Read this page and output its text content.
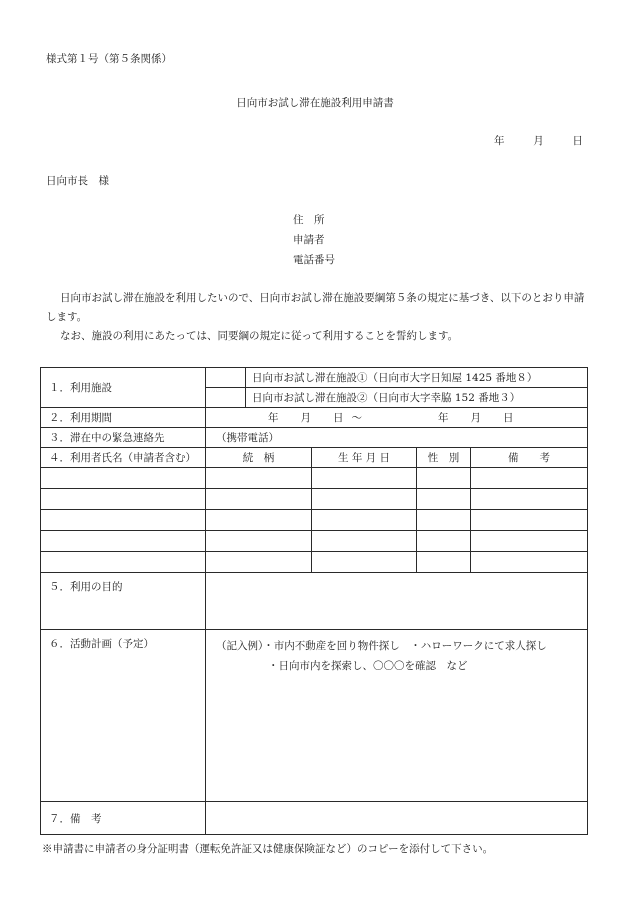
様式第１号（第５条関係）
日向市お試し滞在施設利用申請書
年	月	日
日向市長　様
住　所
申請者
電話番号

日向市お試し滞在施設を利用したいので、日向市お試し滞在施設要綱第５条の規定に基づき、以下のとおり申請します。

なお、施設の利用にあたっては、同要綱の規定に従って利用することを誓約します。

１．利用施設		日向市お試し滞在施設①（日向市大字日知屋 1425 番地８）			
		日向市お試し滞在施設②（日向市大字幸脇 152 番地３）			
２．利用期間	年 月 日 ～ 年 月 日				
３．滞在中の緊急連絡先	（携帯電話）				
４．利用者氏名（申請者含む）	続　柄		生 年 月 日	性　別	備　　考

５．利用の目的					
６．活動計画（予定）	（記入例）・市内不動産を回り物件探し　・ハローワークにて求人探し
・日向市内を探索し、〇〇〇を確認　など				

７．備　考					
※申請書に申請者の身分証明書（運転免許証又は健康保険証など）のコピーを添付して下さい。
